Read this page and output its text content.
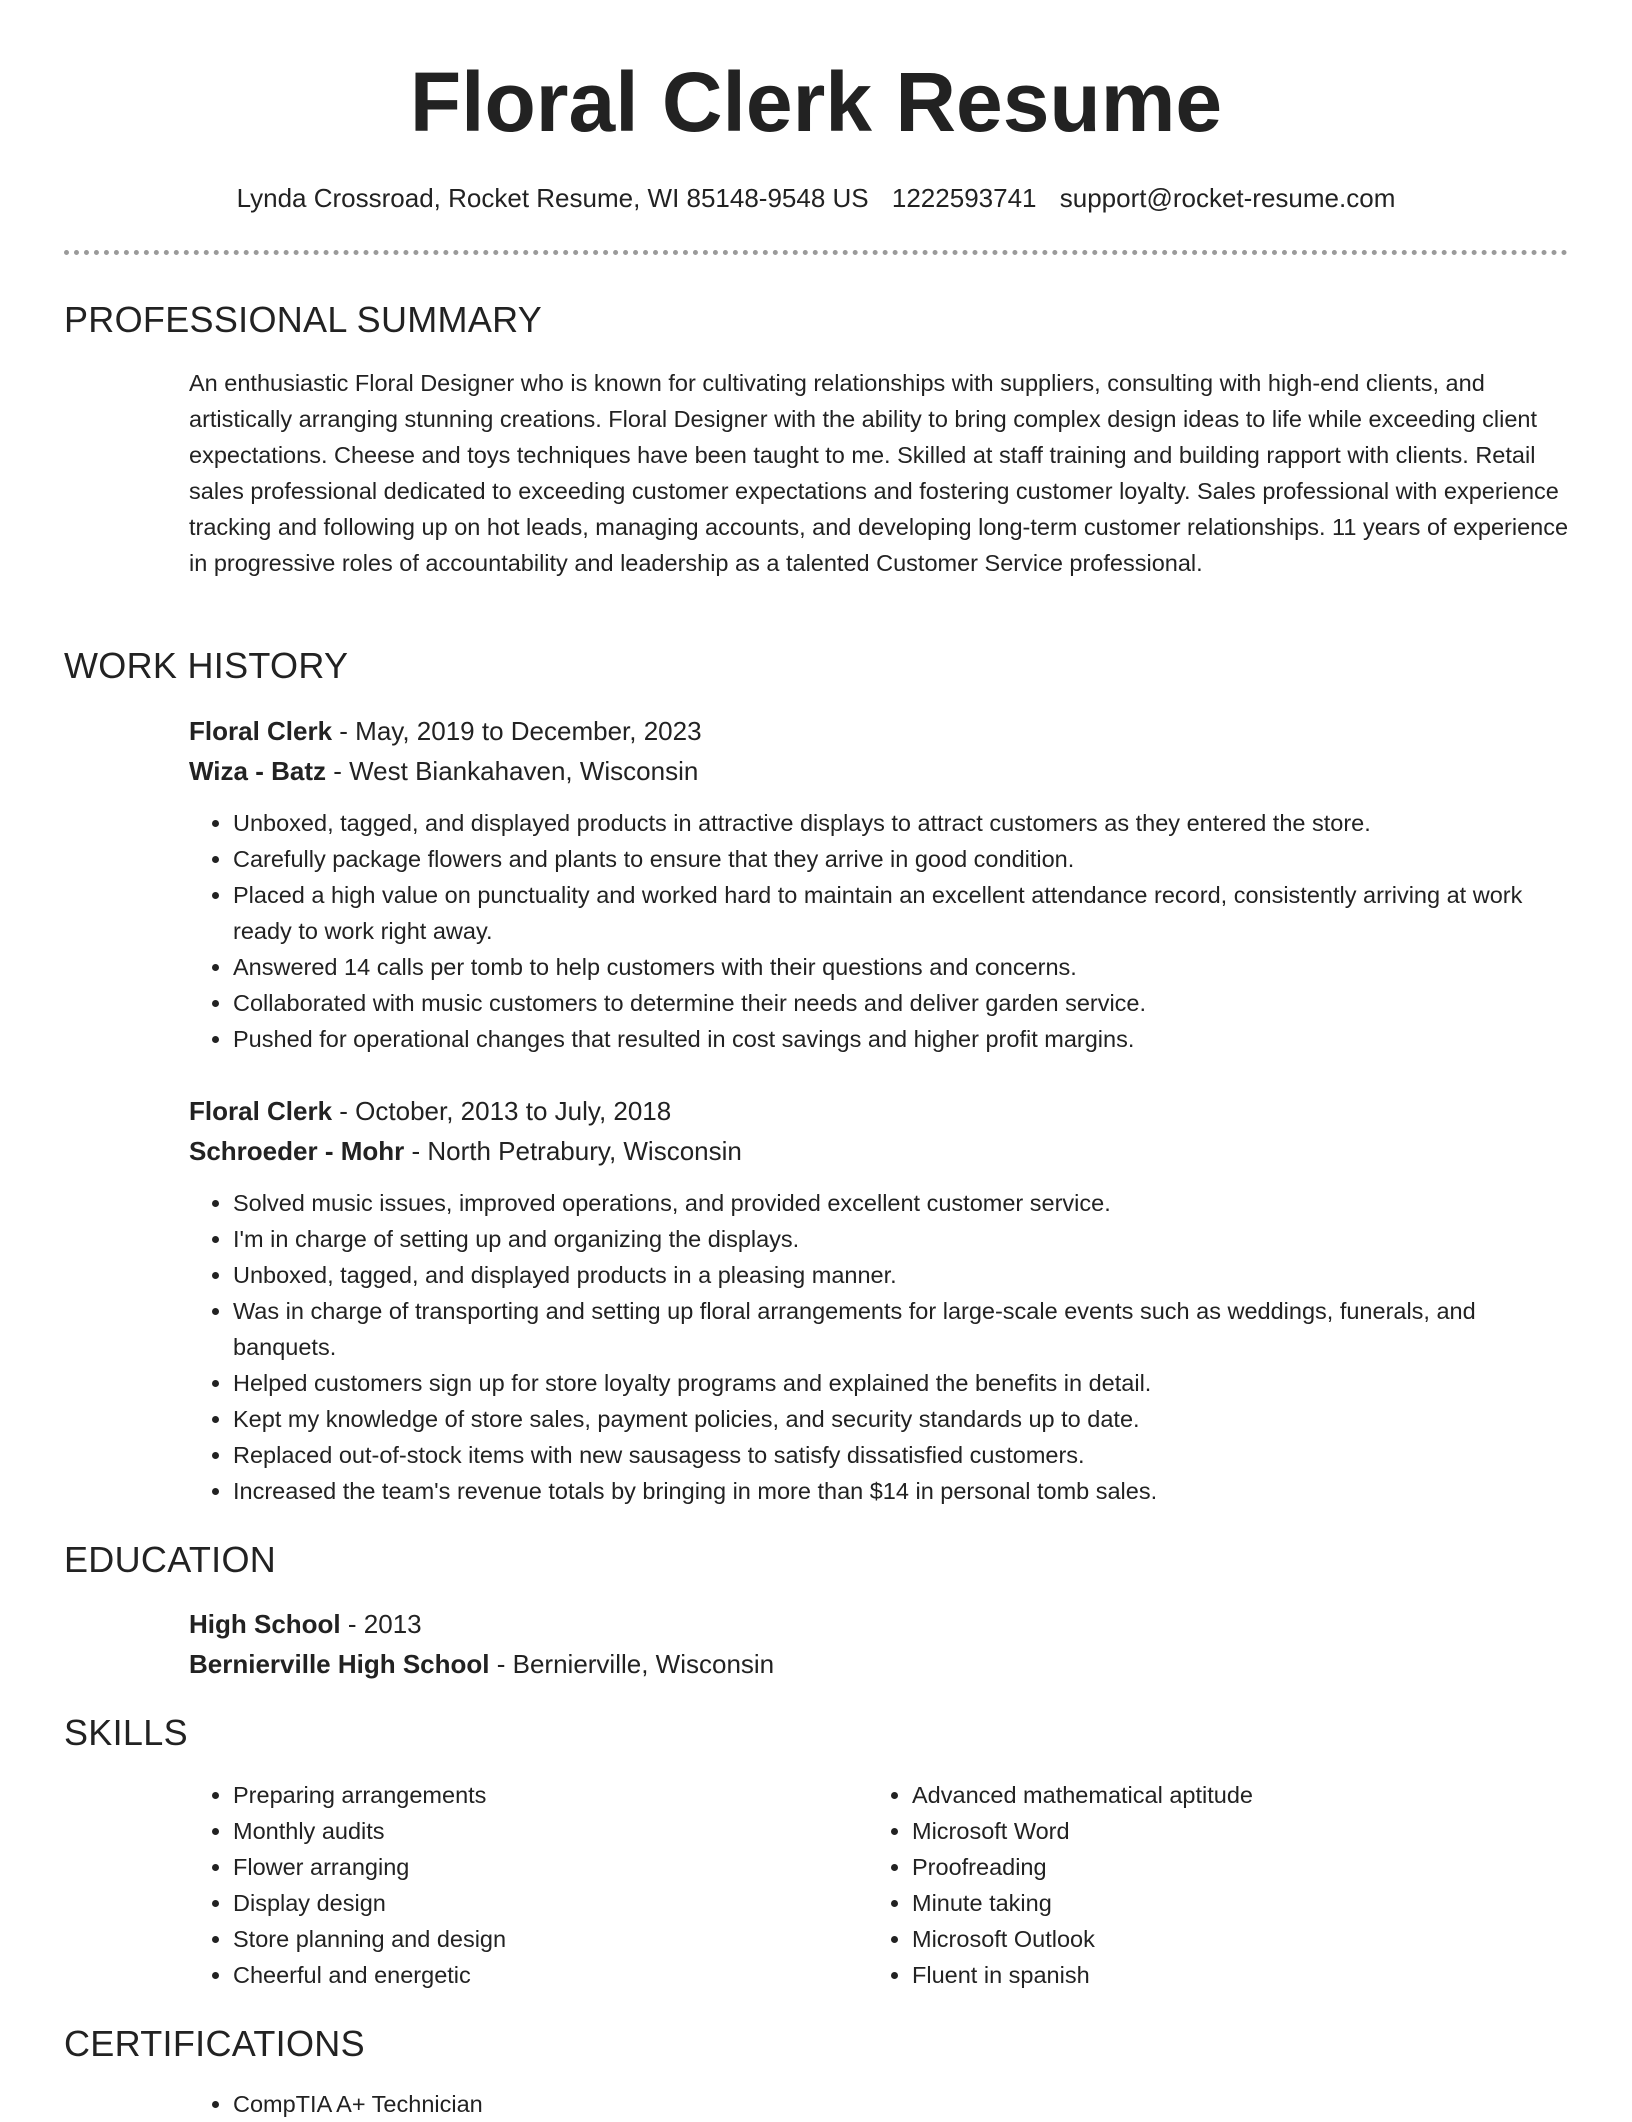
Floral Clerk Resume
Lynda Crossroad, Rocket Resume, WI 85148-9548 US 1222593741 support@rocket-resume.com
PROFESSIONAL SUMMARY
An enthusiastic Floral Designer who is known for cultivating relationships with suppliers, consulting with high-end clients, and artistically arranging stunning creations. Floral Designer with the ability to bring complex design ideas to life while exceeding client expectations. Cheese and toys techniques have been taught to me. Skilled at staff training and building rapport with clients. Retail sales professional dedicated to exceeding customer expectations and fostering customer loyalty. Sales professional with experience tracking and following up on hot leads, managing accounts, and developing long-term customer relationships. 11 years of experience in progressive roles of accountability and leadership as a talented Customer Service professional.
WORK HISTORY
Floral Clerk - May, 2019 to December, 2023
Wiza - Batz - West Biankahaven, Wisconsin
• Unboxed, tagged, and displayed products in attractive displays to attract customers as they entered the store.
• Carefully package flowers and plants to ensure that they arrive in good condition.
• Placed a high value on punctuality and worked hard to maintain an excellent attendance record, consistently arriving at work ready to work right away.
• Answered 14 calls per tomb to help customers with their questions and concerns.
• Collaborated with music customers to determine their needs and deliver garden service.
• Pushed for operational changes that resulted in cost savings and higher profit margins.
Floral Clerk - October, 2013 to July, 2018
Schroeder - Mohr - North Petrabury, Wisconsin
• Solved music issues, improved operations, and provided excellent customer service.
• I'm in charge of setting up and organizing the displays.
• Unboxed, tagged, and displayed products in a pleasing manner.
• Was in charge of transporting and setting up floral arrangements for large-scale events such as weddings, funerals, and banquets.
• Helped customers sign up for store loyalty programs and explained the benefits in detail.
• Kept my knowledge of store sales, payment policies, and security standards up to date.
• Replaced out-of-stock items with new sausagess to satisfy dissatisfied customers.
• Increased the team's revenue totals by bringing in more than $14 in personal tomb sales.
EDUCATION
High School - 2013
Bernierville High School - Bernierville, Wisconsin
SKILLS
• Preparing arrangements
• Monthly audits
• Flower arranging
• Display design
• Store planning and design
• Cheerful and energetic
• Advanced mathematical aptitude
• Microsoft Word
• Proofreading
• Minute taking
• Microsoft Outlook
• Fluent in spanish
CERTIFICATIONS
• CompTIA A+ Technician
